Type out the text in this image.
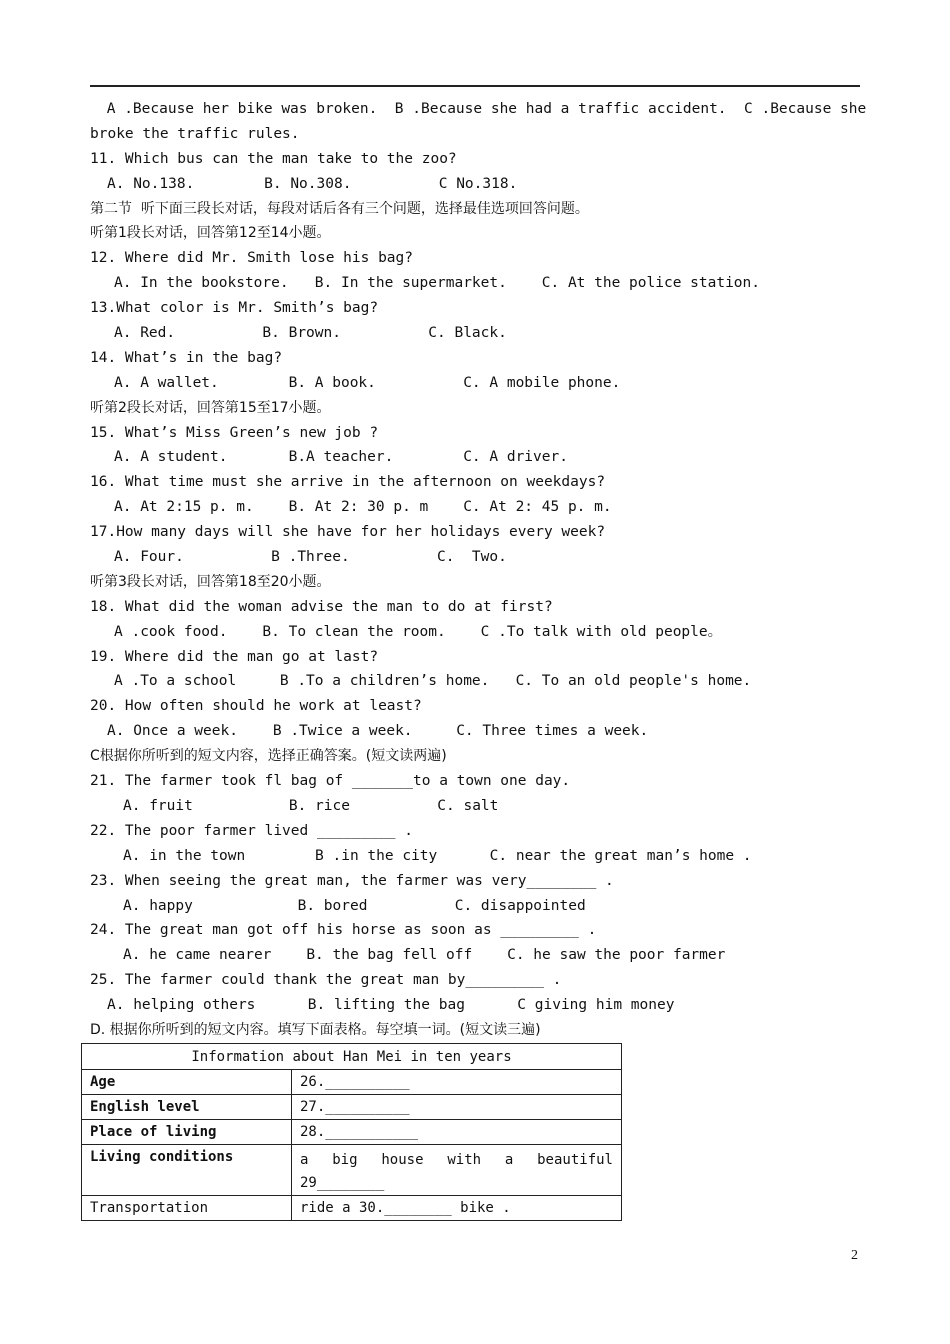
A .Because her bike was broken.  B .Because she had a traffic accident.  C .Because she
broke the traffic rules.
11. Which bus can the man take to the zoo?
A. No.138.        B. No.308.          C No.318.
第二节  听下面三段长对话，每段对话后各有三个问题，选择最佳选项回答问题。
听第1段长对话，回答第12至14小题。
12. Where did Mr. Smith lose his bag?
A. In the bookstore.   B. In the supermarket.    C. At the police station.
13.What color is Mr. Smith’s bag?
A. Red.          B. Brown.          C. Black.
14. What’s in the bag?
A. A wallet.        B. A book.          C. A mobile phone.
听第2段长对话，回答第15至17小题。
15. What’s Miss Green’s new job ?
A. A student.       B.A teacher.        C. A driver.
16. What time must she arrive in the afternoon on weekdays?
A. At 2:15 p. m.    B. At 2: 30 p. m    C. At 2: 45 p. m.
17.How many days will she have for her holidays every week?
A. Four.          B .Three.          C.  Two.
听第3段长对话，回答第18至20小题。
18. What did the woman advise the man to do at first?
A .cook food.    B. To clean the room.    C .To talk with old people。
19. Where did the man go at last?
A .To a school     B .To a children’s home.   C. To an old people's home.
20. How often should he work at least?
A. Once a week.    B .Twice a week.     C. Three times a week.
C根据你所听到的短文内容，选择正确答案。(短文读两遍)
21. The farmer took fl bag of _______to a town one day.
A. fruit           B. rice          C. salt
22. The poor farmer lived _________ .
A. in the town        B .in the city      C. near the great man’s home .
23. When seeing the great man, the farmer was very________ .
A. happy            B. bored          C. disappointed
24. The great man got off his horse as soon as _________ .
A. he came nearer    B. the bag fell off    C. he saw the poor farmer
25. The farmer could thank the great man by_________ .
A. helping others      B. lifting the bag      C giving him money
D. 根据你所听到的短文内容。填写下面表格。每空填一词。(短文读三遍)
Information about Han Mei in ten years	
Age	26.__________
English level	27.__________
Place of living	28.___________
Living conditions	a big house with a beautiful 29________
Transportation	ride a 30.________ bike .
2
